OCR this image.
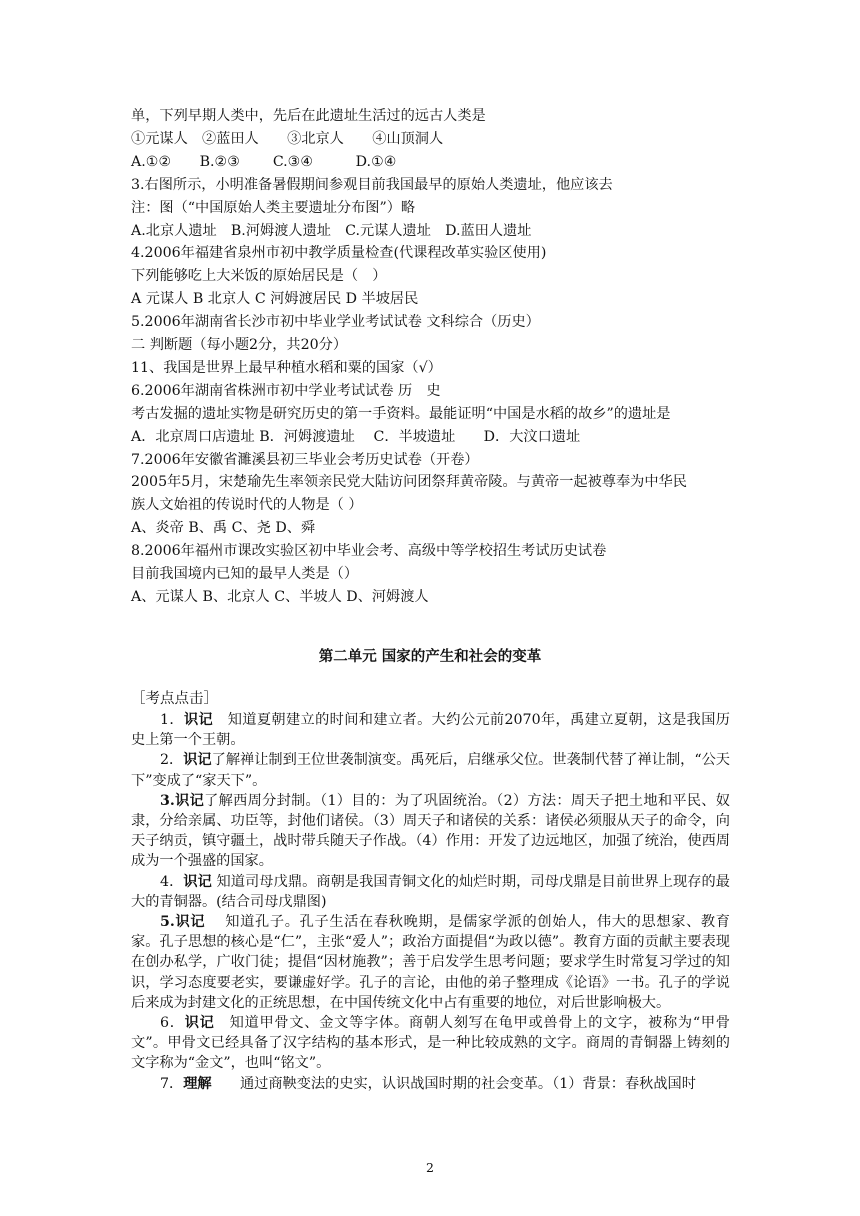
单，下列早期人类中，先后在此遗址生活过的远古人类是

①元谋人　②蓝田人　　③北京人　　④山顶洞人

A.①②　　B.②③　　 C.③④　　　D.①④

3.右图所示，小明准备暑假期间参观目前我国最早的原始人类遗址，他应该去

注：图（“中国原始人类主要遗址分布图”）略

A.北京人遗址　B.河姆渡人遗址　C.元谋人遗址　D.蓝田人遗址

4.2006年福建省泉州市初中教学质量检查(代课程改革实验区使用)

下列能够吃上大米饭的原始居民是（　）

A 元谋人 B 北京人 C 河姆渡居民 D 半坡居民

5.2006年湖南省长沙市初中毕业学业考试试卷 文科综合（历史）

二 判断题（每小题2分，共20分）

11、我国是世界上最早种植水稻和粟的国家（√）

6.2006年湖南省株洲市初中学业考试试卷 历　史

考古发掘的遗址实物是研究历史的第一手资料。最能证明“中国是水稻的故乡”的遗址是

A．北京周口店遗址 B．河姆渡遗址　 C．半坡遗址　　D．大汶口遗址

7.2006年安徽省濉溪县初三毕业会考历史试卷（开卷）

2005年5月，宋楚瑜先生率领亲民党大陆访问团祭拜黄帝陵。与黄帝一起被尊奉为中华民

族人文始祖的传说时代的人物是（ ）

A、炎帝 B、禹 C、尧 D、舜

8.2006年福州市课改实验区初中毕业会考、高级中等学校招生考试历史试卷

目前我国境内已知的最早人类是（）

A、元谋人 B、北京人 C、半坡人 D、河姆渡人

第二单元 国家的产生和社会的变革

［考点点击］

1．识记　知道夏朝建立的时间和建立者。大约公元前2070年，禹建立夏朝，这是我国历史上第一个王朝。

2．识记了解禅让制到王位世袭制演变。禹死后，启继承父位。世袭制代替了禅让制，“公天下”变成了“家天下”。

3.识记了解西周分封制。（1）目的：为了巩固统治。（2）方法：周天子把土地和平民、奴隶，分给亲属、功臣等，封他们诸侯。（3）周天子和诸侯的关系：诸侯必须服从天子的命令，向天子纳贡，镇守疆土，战时带兵随天子作战。（4）作用：开发了边远地区，加强了统治，使西周成为一个强盛的国家。

4．识记 知道司母戊鼎。商朝是我国青铜文化的灿烂时期，司母戊鼎是目前世界上现存的最大的青铜器。(结合司母戊鼎图)

5.识记　 知道孔子。孔子生活在春秋晚期，是儒家学派的创始人，伟大的思想家、教育家。孔子思想的核心是“仁”，主张“爱人”；政治方面提倡“为政以德”。教育方面的贡献主要表现在创办私学，广收门徒；提倡“因材施教”；善于启发学生思考问题；要求学生时常复习学过的知识，学习态度要老实，要谦虚好学。孔子的言论，由他的弟子整理成《论语》一书。孔子的学说后来成为封建文化的正统思想，在中国传统文化中占有重要的地位，对后世影响极大。

6．识记　知道甲骨文、金文等字体。商朝人刻写在龟甲或兽骨上的文字，被称为“甲骨文”。甲骨文已经具备了汉字结构的基本形式，是一种比较成熟的文字。商周的青铜器上铸刻的文字称为“金文”，也叫“铭文”。

7．理解　　通过商鞅变法的史实，认识战国时期的社会变革。（1）背景：春秋战国时

2
